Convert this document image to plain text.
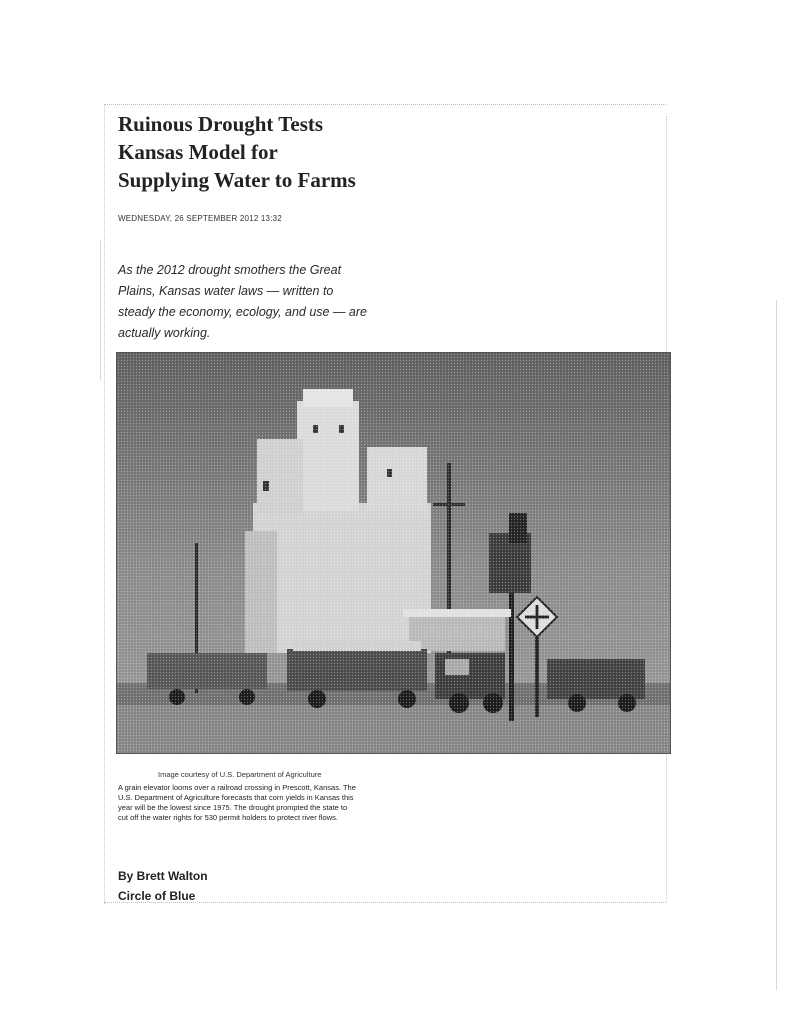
Ruinous Drought Tests Kansas Model for Supplying Water to Farms
WEDNESDAY, 26 SEPTEMBER 2012 13:32

As the 2012 drought smothers the Great Plains, Kansas water laws — written to steady the economy, ecology, and use — are actually working.

Image courtesy of U.S. Department of Agriculture

A grain elevator looms over a railroad crossing in Prescott, Kansas. The U.S. Department of Agriculture forecasts that corn yields in Kansas this year will be the lowest since 1975. The drought prompted the state to cut off the water rights for 530 permit holders to protect river flows.

By Brett Walton
Circle of Blue
